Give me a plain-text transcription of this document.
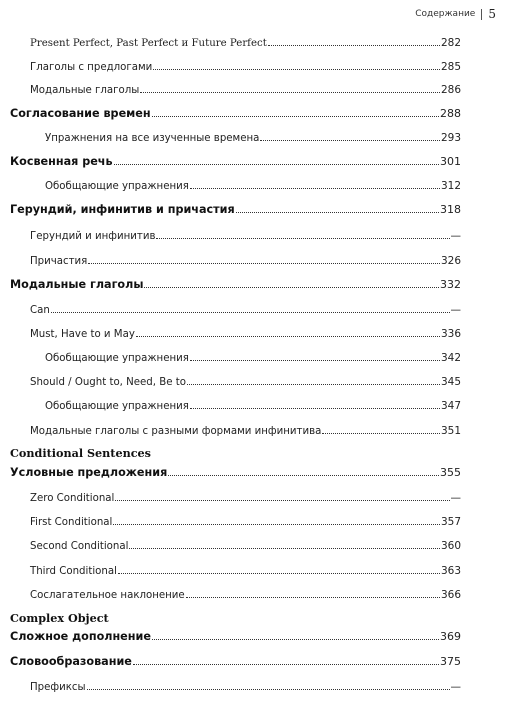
Содержание 5
Present Perfect, Past Perfect и Future Perfect	282
Глаголы с предлогами	285
Модальные глаголы	286
Согласование времен	288
Упражнения на все изученные времена	293
Косвенная речь	301
Обобщающие упражнения	312
Герундий, инфинитив и причастия	318
Герундий и инфинитив	—
Причастия	326
Модальные глаголы	332
Can	—
Must, Have to и May	336
Обобщающие упражнения	342
Should / Ought to, Need, Be to	345
Обобщающие упражнения	347
Модальные глаголы с разными формами инфинитива	351
Conditional Sentences
Условные предложения	355
Zero Conditional	—
First Conditional	357
Second Conditional	360
Third Conditional	363
Сослагательное наклонение	366
Complex Object
Сложное дополнение	369
Словообразование	375
Префиксы	—
